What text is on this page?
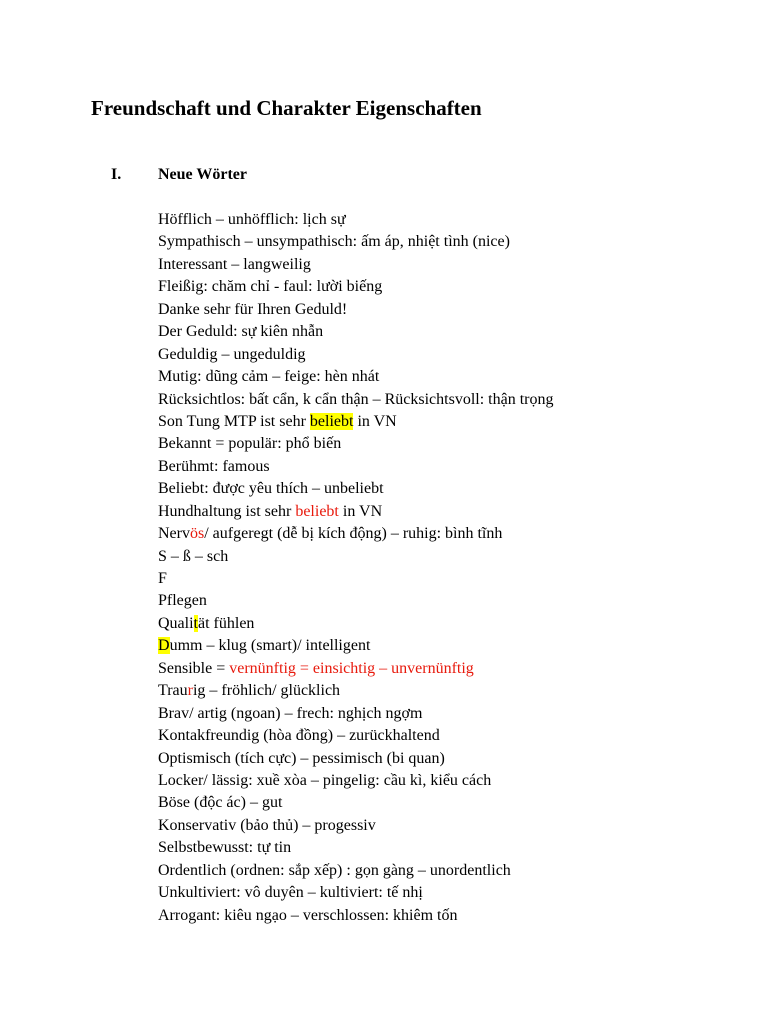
Freundschaft und Charakter Eigenschaften
I. Neue Wörter
Höfflich – unhöfflich: lịch sự
Sympathisch – unsympathisch: ấm áp, nhiệt tình (nice)
Interessant – langweilig
Fleißig: chăm chỉ - faul: lười biếng
Danke sehr für Ihren Geduld!
Der Geduld: sự kiên nhẫn
Geduldig – ungeduldig
Mutig: dũng cảm – feige: hèn nhát
Rücksichtlos: bất cẩn, k cẩn thận – Rücksichtsvoll: thận trọng
Son Tung MTP ist sehr beliebt in VN
Bekannt = populär: phổ biến
Berühmt: famous
Beliebt: được yêu thích – unbeliebt
Hundhaltung ist sehr beliebt in VN
Nervös/ aufgeregt (dễ bị kích động) – ruhig: bình tĩnh
S – ß – sch
F
Pflegen
Qualität fühlen
Dumm – klug (smart)/ intelligent
Sensible = vernünftig = einsichtig – unvernünftig
Traurig – fröhlich/ glücklich
Brav/ artig (ngoan) – frech: nghịch ngợm
Kontakfreundig (hòa đồng) – zurückhaltend
Optismisch (tích cực) – pessimisch (bi quan)
Locker/ lässig: xuề xòa – pingelig: cầu kì, kiểu cách
Böse (độc ác) – gut
Konservativ (bảo thủ) – progessiv
Selbstbewusst: tự tin
Ordentlich (ordnen: sắp xếp) : gọn gàng – unordentlich
Unkultiviert: vô duyên – kultiviert: tế nhị
Arrogant: kiêu ngạo – verschlossen: khiêm tốn
